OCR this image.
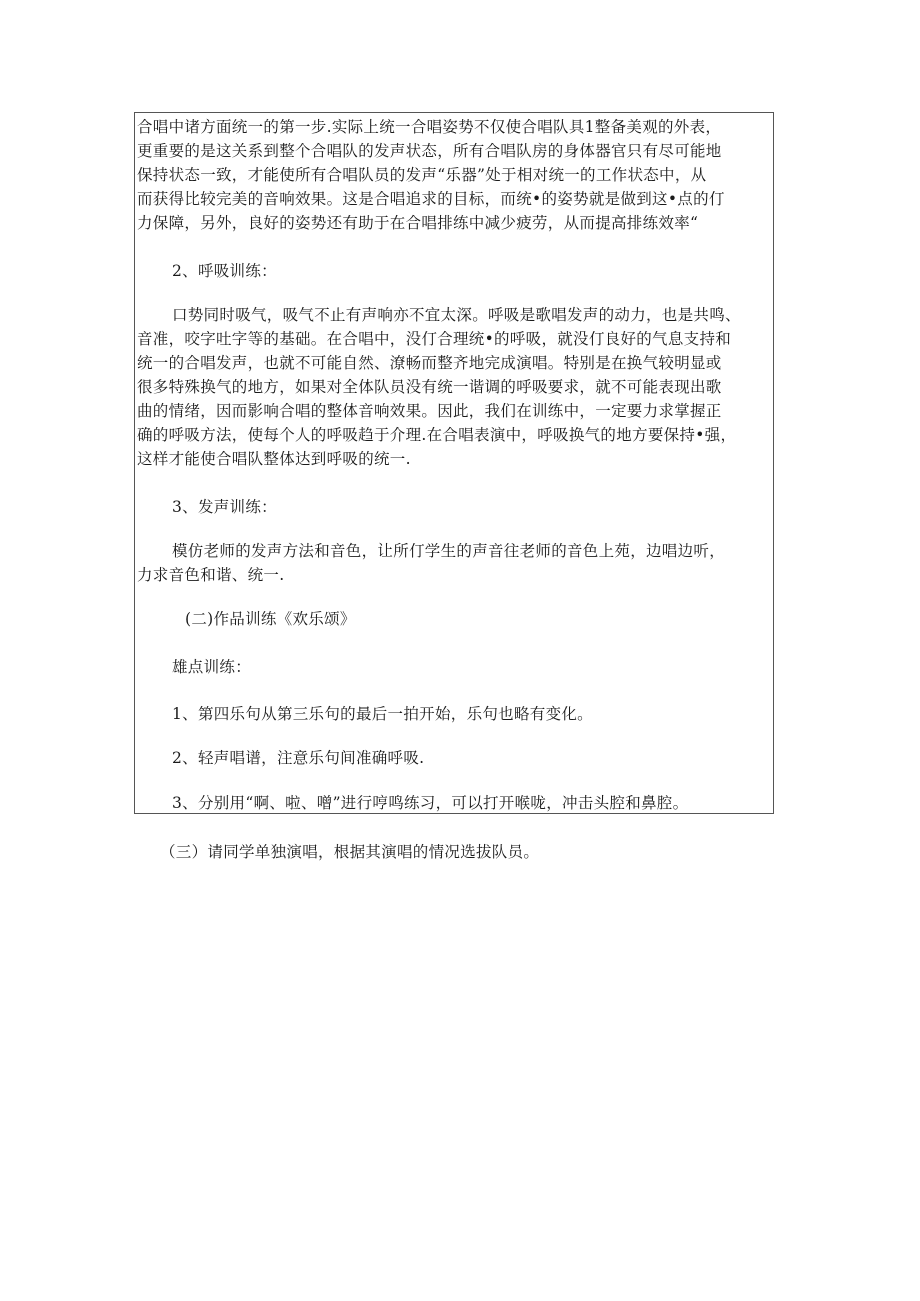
合唱中诸方面统一的第一步.实际上统一合唱姿势不仅使合唱队具1整备美观的外表，
更重要的是这关系到整个合唱队的发声状态，所有合唱队房的身体器官只有尽可能地
保持状态一致，才能使所有合唱队员的发声“乐器”处于相对统一的工作状态中，从
而获得比较完美的音响效果。这是合唱追求的目标，而统•的姿势就是做到这•点的仃
力保障，另外，良好的姿势还有助于在合唱排练中减少疲劳，从而提高排练效率“
2、呼吸训练：
口势同时吸气，吸气不止有声响亦不宜太深。呼吸是歌唱发声的动力，也是共鸣、
音准，咬字吐字等的基础。在合唱中，没仃合理统•的呼吸，就没仃良好的气息支持和
统一的合唱发声，也就不可能自然、潦畅而整齐地完成演唱。特别是在换气较明显或
很多特殊换气的地方，如果对全体队员没有统一谐调的呼吸要求，就不可能表现出歌
曲的情绪，因而影响合唱的整体音响效果。因此，我们在训练中，一定要力求掌握正
确的呼吸方法，使每个人的呼吸趋于介理.在合唱表演中，呼吸换气的地方要保持•强，
这样才能使合唱队整体达到呼吸的统一.
3、发声训练：
模仿老师的发声方法和音色，让所仃学生的声音往老师的音色上苑，边唱边听，
力求音色和谐、统一.
(二)作品训练《欢乐颂》
雄点训练：
1、第四乐句从第三乐句的最后一拍开始，乐句也略有变化。
2、轻声唱谱，注意乐句间准确呼吸.
3、分别用“啊、啦、噌”进行哼鸣练习，可以打开喉咙，冲击头腔和鼻腔。
（三）请同学单独演唱，根据其演唱的情况选拔队员。
